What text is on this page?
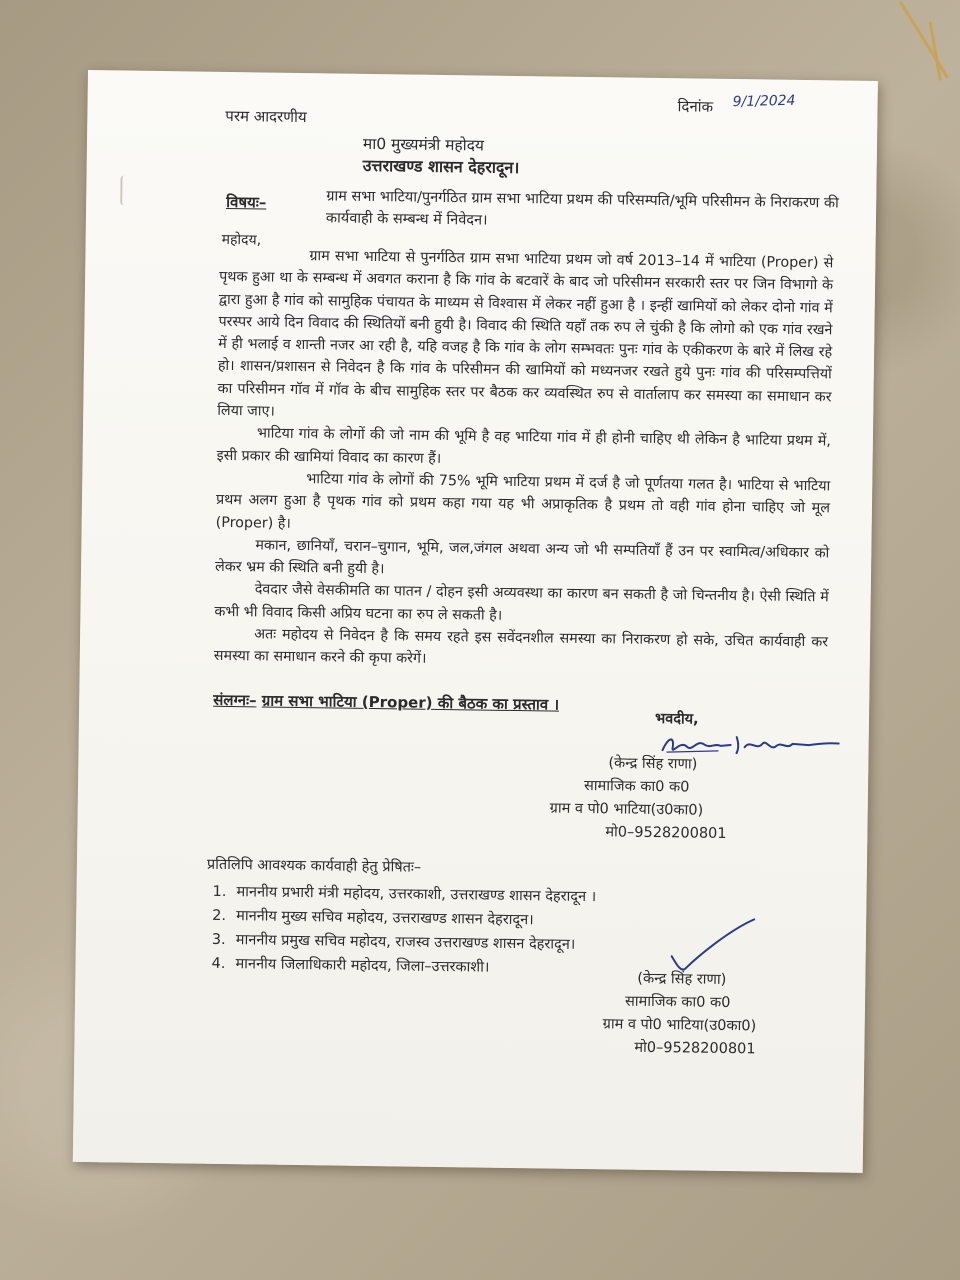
परम आदरणीय
दिनांक 9/1/2024
मा0 मुख्यमंत्री महोदय
उत्तराखण्ड शासन देहरादून।
विषयः–	ग्राम सभा भाटिया/पुनर्गठित ग्राम सभा भाटिया प्रथम की परिसम्पति/भूमि परिसीमन के निराकरण की कार्यवाही के सम्बन्ध में निवेदन।
महोदय,

ग्राम सभा भाटिया से पुनर्गठित ग्राम सभा भाटिया प्रथम जो वर्ष 2013–14 में भाटिया (Proper) से पृथक हुआ था के सम्बन्ध में अवगत कराना है कि गांव के बटवारें के बाद जो परिसीमन सरकारी स्तर पर जिन विभागो के द्वारा हुआ है गांव को सामुहिक पंचायत के माध्यम से विश्वास में लेकर नहीं हुआ है । इन्हीं खामियों को लेकर दोनो गांव में परस्पर आये दिन विवाद की स्थितियों बनी हुयी है। विवाद की स्थिति यहाँ तक रुप ले चुंकी है कि लोगो को एक गांव रखने में ही भलाई व शान्ती नजर आ रही है, यहि वजह है कि गांव के लोग सम्भवतः पुनः गांव के एकीकरण के बारे में लिख रहे हो। शासन/प्रशासन से निवेदन है कि गांव के परिसीमन की खामियों को मध्यनजर रखते हुये पुनः गांव की परिसम्पत्तियों का परिसीमन गॉव में गॉव के बीच सामुहिक स्तर पर बैठक कर व्यवस्थित रुप से वार्तालाप कर समस्या का समाधान कर लिया जाए।

भाटिया गांव के लोगों की जो नाम की भूमि है वह भाटिया गांव में ही होनी चाहिए थी लेकिन है भाटिया प्रथम में, इसी प्रकार की खामियां विवाद का कारण हैं।

भाटिया गांव के लोगों की 75% भूमि भाटिया प्रथम में दर्ज है जो पूर्णतया गलत है। भाटिया से भाटिया प्रथम अलग हुआ है पृथक गांव को प्रथम कहा गया यह भी अप्राकृतिक है प्रथम तो वही गांव होना चाहिए जो मूल (Proper) है।

मकान, छानियाँ, चरान–चुगान, भूमि, जल,जंगल अथवा अन्य जो भी सम्पतियाँ हैं उन पर स्वामित्व/अधिकार को लेकर भ्रम की स्थिति बनी हुयी है।

देवदार जैसे वेसकीमति का पातन / दोहन इसी अव्यवस्था का कारण बन सकती है जो चिन्तनीय है। ऐसी स्थिति में कभी भी विवाद किसी अप्रिय घटना का रुप ले सकती है।

अतः महोदय से निवेदन है कि समय रहते इस सवेंदनशील समस्या का निराकरण हो सके, उचित कार्यवाही कर समस्या का समाधान करने की कृपा करेगें।

संलग्नः– ग्राम सभा भाटिया (Proper) की बैठक का प्रस्ताव ।
भवदीय,
(केन्द्र सिंह राणा)
सामाजिक का0 क0
ग्राम व पो0 भाटिया(उ0का0)
मो0–9528200801
प्रतिलिपि आवश्यक कार्यवाही हेतु प्रेषितः–
1. माननीय प्रभारी मंत्री महोदय, उत्तरकाशी, उत्तराखण्ड शासन देहरादून ।
2. माननीय मुख्य सचिव महोदय, उत्तराखण्ड शासन देहरादून।
3. माननीय प्रमुख सचिव महोदय, राजस्व उत्तराखण्ड शासन देहरादून।
4. माननीय जिलाधिकारी महोदय, जिला–उत्तरकाशी।
(केन्द्र सिंह राणा)
सामाजिक का0 क0
ग्राम व पो0 भाटिया(उ0का0)
मो0–9528200801
